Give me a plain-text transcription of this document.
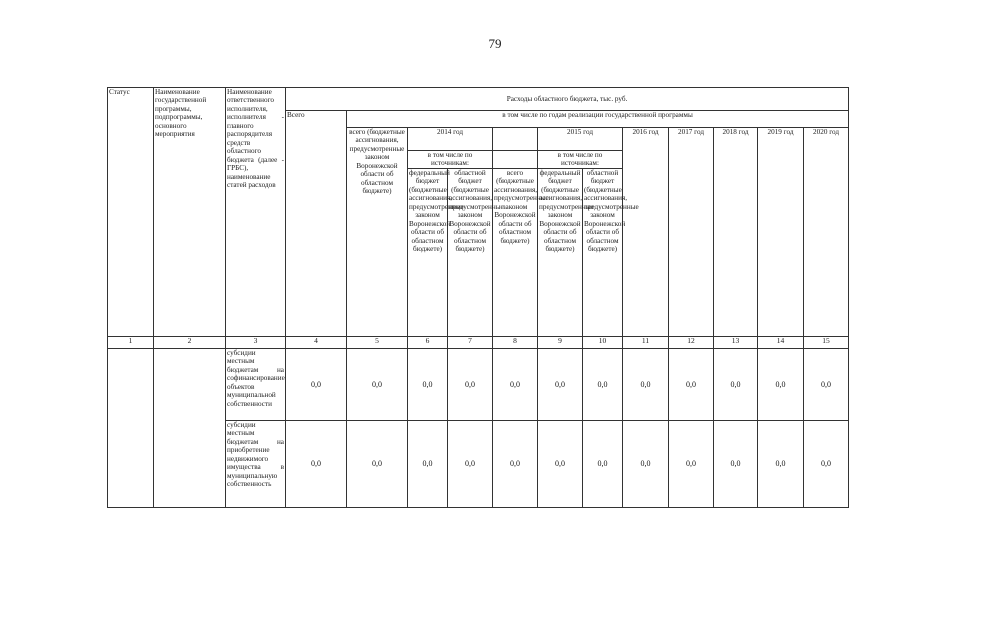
79
Статус	Наименование государственной программы, подпрограммы, основного мероприятия	Наименование ответственного исполнителя, исполнителя - главного распорядителя средств областного бюджета (далее - ГРБС), наименование статей расходов	Расходы областного бюджета, тыс. руб.											
			Всего	в том числе по годам реализации государственной программы										
				всего (бюджетные ассигнования, предусмотренные законом Воронежской области об областном бюджете)	2014 год			2015 год		2016 год	2017 год	2018 год	2019 год	2020 год
					в том числе по источникам:			в том числе по источникам:						
					федеральный бюджет (бюджетные ассигнования, предусмотренные законом Воронежской области об областном бюджете)	областной бюджет (бюджетные ассигнования, предусмотренные законом Воронежской области об областном бюджете)	всего (бюджетные ассигнования, предусмотренные законом Воронежской области об областном бюджете)	федеральный бюджет (бюджетные ассигнования, предусмотренные законом Воронежской области об областном бюджете)	областной бюджет (бюджетные ассигнования, предусмотренные законом Воронежской области об областном бюджете)					
1	2	3	4	5	6	7	8	9	10	11	12	13	14	15
		субсидии местным бюджетам на софинансирование объектов муниципальной собственности	0,0	0,0	0,0	0,0	0,0	0,0	0,0	0,0	0,0	0,0	0,0	0,0
		субсидии местным бюджетам на приобретение недвижимого имущества в муниципальную собственность	0,0	0,0	0,0	0,0	0,0	0,0	0,0	0,0	0,0	0,0	0,0	0,0
